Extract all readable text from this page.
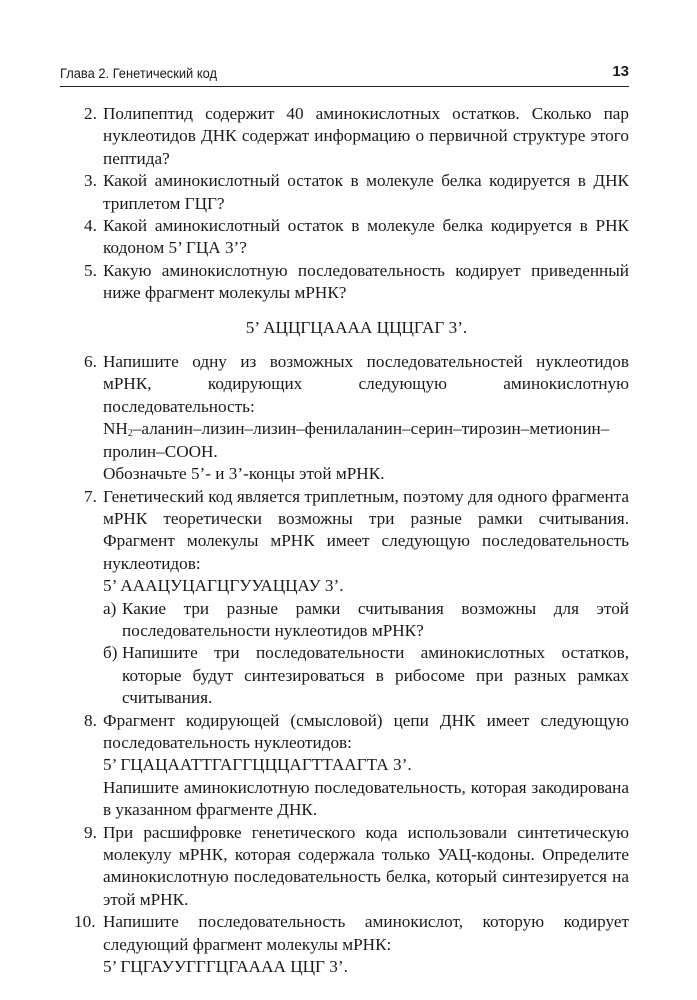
Глава 2. Генетический код	13
2. Полипептид содержит 40 аминокислотных остатков. Сколько пар нуклеотидов ДНК содержат информацию о первичной структуре этого пептида?
3. Какой аминокислотный остаток в молекуле белка кодируется в ДНК триплетом ГЦГ?
4. Какой аминокислотный остаток в молекуле белка кодируется в РНК кодоном 5’ ГЦА 3’?
5. Какую аминокислотную последовательность кодирует приведенный ниже фрагмент молекулы мРНК?
5’ АЦЦГЦАААА ЦЦЦГАГ 3’.
6. Напишите одну из возможных последовательностей нуклеотидов мРНК, кодирующих следующую аминокислотную последовательность:
$NH_2-аланин-лизин-лизин-фенилаланин-серин-тирозин-метионин-пролин$–COOH.
Обозначьте 5’- и 3’-концы этой мРНК.
7. Генетический код является триплетным, поэтому для одного фрагмента мРНК теоретически возможны три разные рамки считывания. Фрагмент молекулы мРНК имеет следующую последовательность нуклеотидов:
5’ АААЦУЦАГЦГУУАЦЦАУ 3’.
а) Какие три разные рамки считывания возможны для этой последовательности нуклеотидов мРНК?
б) Напишите три последовательности аминокислотных остатков, которые будут синтезироваться в рибосоме при разных рамках считывания.
8. Фрагмент кодирующей (смысловой) цепи ДНК имеет следующую последовательность нуклеотидов:
5’ ГЦАЦААТТГАГГЦЦЦАГТТААГТА 3’.
Напишите аминокислотную последовательность, которая закодирована в указанном фрагменте ДНК.
9. При расшифровке генетического кода использовали синтетическую молекулу мРНК, которая содержала только УАЦ-кодоны. Определите аминокислотную последовательность белка, который синтезируется на этой мРНК.
10. Напишите последовательность аминокислот, которую кодирует следующий фрагмент молекулы мРНК:
5’ ГЦГАУУГГГЦГАААА ЦЦГ 3’.
